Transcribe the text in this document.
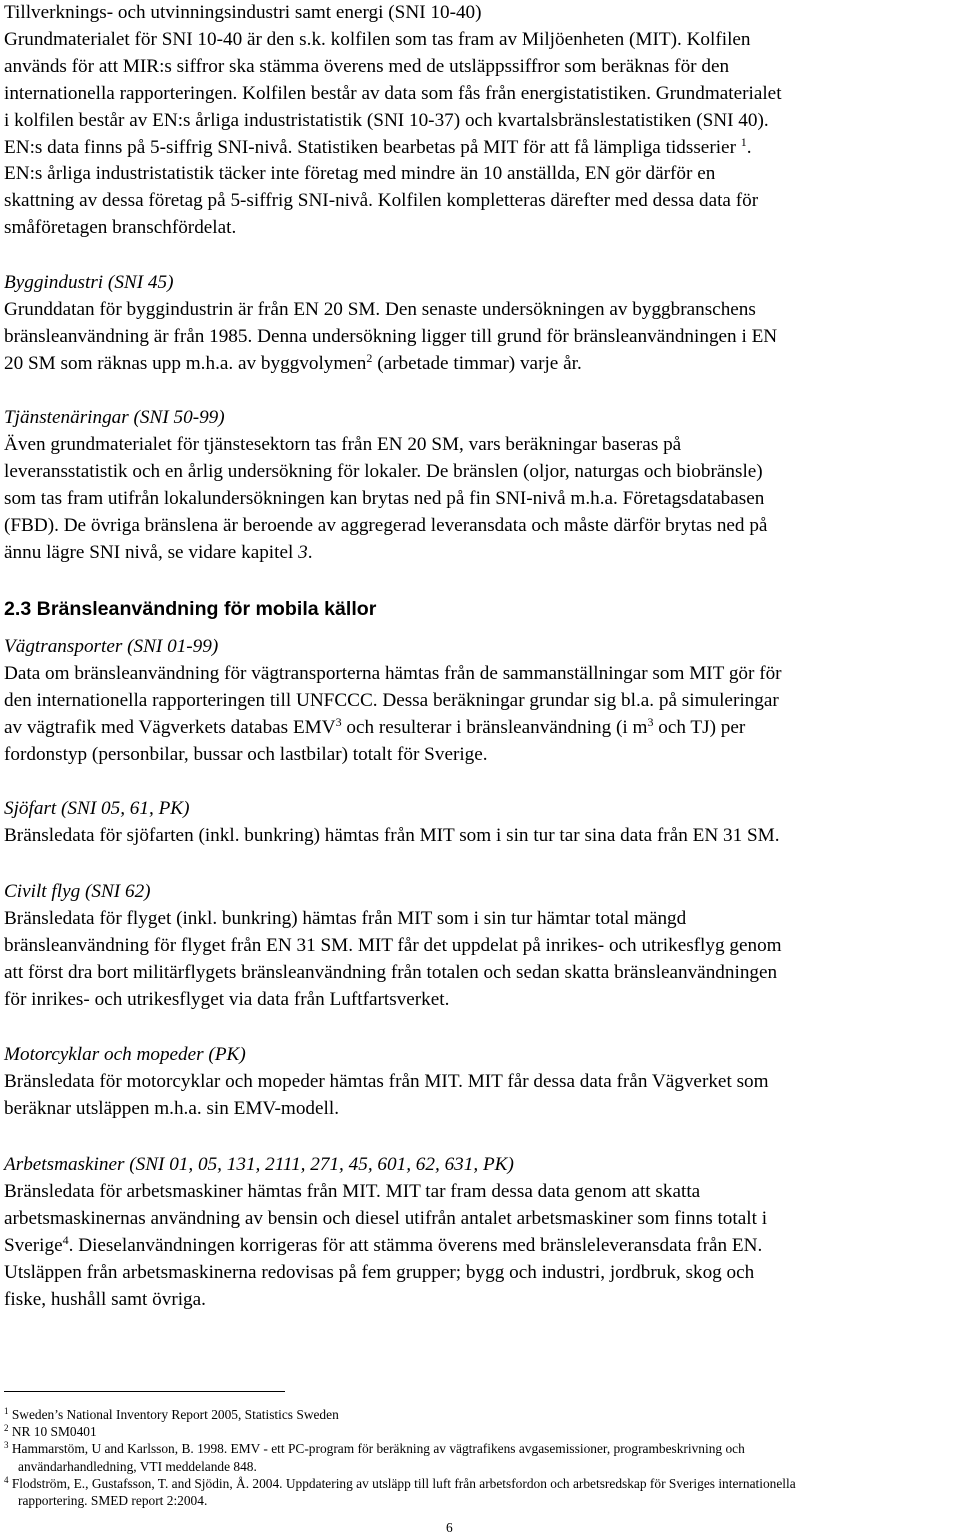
Tillverknings- och utvinningsindustri samt energi (SNI 10-40)

Grundmaterialet för SNI 10-40 är den s.k. kolfilen som tas fram av Miljöenheten (MIT). Kolfilen

används för att MIR:s siffror ska stämma överens med de utsläppssiffror som beräknas för den

internationella rapporteringen. Kolfilen består av data som fås från energistatistiken. Grundmaterialet

i kolfilen består av EN:s årliga industristatistik (SNI 10-37) och kvartalsbränslestatistiken (SNI 40).

EN:s data finns på 5-siffrig SNI-nivå. Statistiken bearbetas på MIT för att få lämpliga tidsserier $^1$.

EN:s årliga industristatistik täcker inte företag med mindre än 10 anställda, EN gör därför en

skattning av dessa företag på 5-siffrig SNI-nivå. Kolfilen kompletteras därefter med dessa data för

småföretagen branschfördelat.

Byggindustri (SNI 45)

Grunddatan för byggindustrin är från EN 20 SM. Den senaste undersökningen av byggbranschens

bränsleanvändning är från 1985. Denna undersökning ligger till grund för bränsleanvändningen i EN

20 SM som räknas upp m.h.a. av byggvolymen$^2$ (arbetade timmar) varje år.

Tjänstenäringar (SNI 50-99)

Även grundmaterialet för tjänstesektorn tas från EN 20 SM, vars beräkningar baseras på

leveransstatistik och en årlig undersökning för lokaler. De bränslen (oljor, naturgas och biobränsle)

som tas fram utifrån lokalundersökningen kan brytas ned på fin SNI-nivå m.h.a. Företagsdatabasen

(FBD). De övriga bränslena är beroende av aggregerad leveransdata och måste därför brytas ned på

ännu lägre SNI nivå, se vidare kapitel 3.

2.3 Bränsleanvändning för mobila källor

Vägtransporter (SNI 01-99)

Data om bränsleanvändning för vägtransporterna hämtas från de sammanställningar som MIT gör för

den internationella rapporteringen till UNFCCC. Dessa beräkningar grundar sig bl.a. på simuleringar

av vägtrafik med Vägverkets databas EMV$^3$ och resulterar i bränsleanvändning (i $m^3$ och TJ) per

fordonstyp (personbilar, bussar och lastbilar) totalt för Sverige.

Sjöfart (SNI 05, 61, PK)

Bränsledata för sjöfarten (inkl. bunkring) hämtas från MIT som i sin tur tar sina data från EN 31 SM.

Civilt flyg (SNI 62)

Bränsledata för flyget (inkl. bunkring) hämtas från MIT som i sin tur hämtar total mängd

bränsleanvändning för flyget från EN 31 SM. MIT får det uppdelat på inrikes- och utrikesflyg genom

att först dra bort militärflygets bränsleanvändning från totalen och sedan skatta bränsleanvändningen

för inrikes- och utrikesflyget via data från Luftfartsverket.

Motorcyklar och mopeder (PK)

Bränsledata för motorcyklar och mopeder hämtas från MIT. MIT får dessa data från Vägverket som

beräknar utsläppen m.h.a. sin EMV-modell.

Arbetsmaskiner (SNI 01, 05, 131, 2111, 271, 45, 601, 62, 631, PK)

Bränsledata för arbetsmaskiner hämtas från MIT. MIT tar fram dessa data genom att skatta

arbetsmaskinernas användning av bensin och diesel utifrån antalet arbetsmaskiner som finns totalt i

Sverige$^4$. Dieselanvändningen korrigeras för att stämma överens med bränsleleveransdata från EN.

Utsläppen från arbetsmaskinerna redovisas på fem grupper; bygg och industri, jordbruk, skog och

fiske, hushåll samt övriga.

$^1$ Sweden’s National Inventory Report 2005, Statistics Sweden

$^2$ NR 10 SM0401

$^3$ Hammarstöm, U and Karlsson, B. 1998. EMV - ett PC-program för beräkning av vägtrafikens avgasemissioner, programbeskrivning och

användarhandledning, VTI meddelande 848.

$^4$ Flodström, E., Gustafsson, T. and Sjödin, Å. 2004. Uppdatering av utsläpp till luft från arbetsfordon och arbetsredskap för Sveriges internationella

rapportering. SMED report 2:2004.

6
